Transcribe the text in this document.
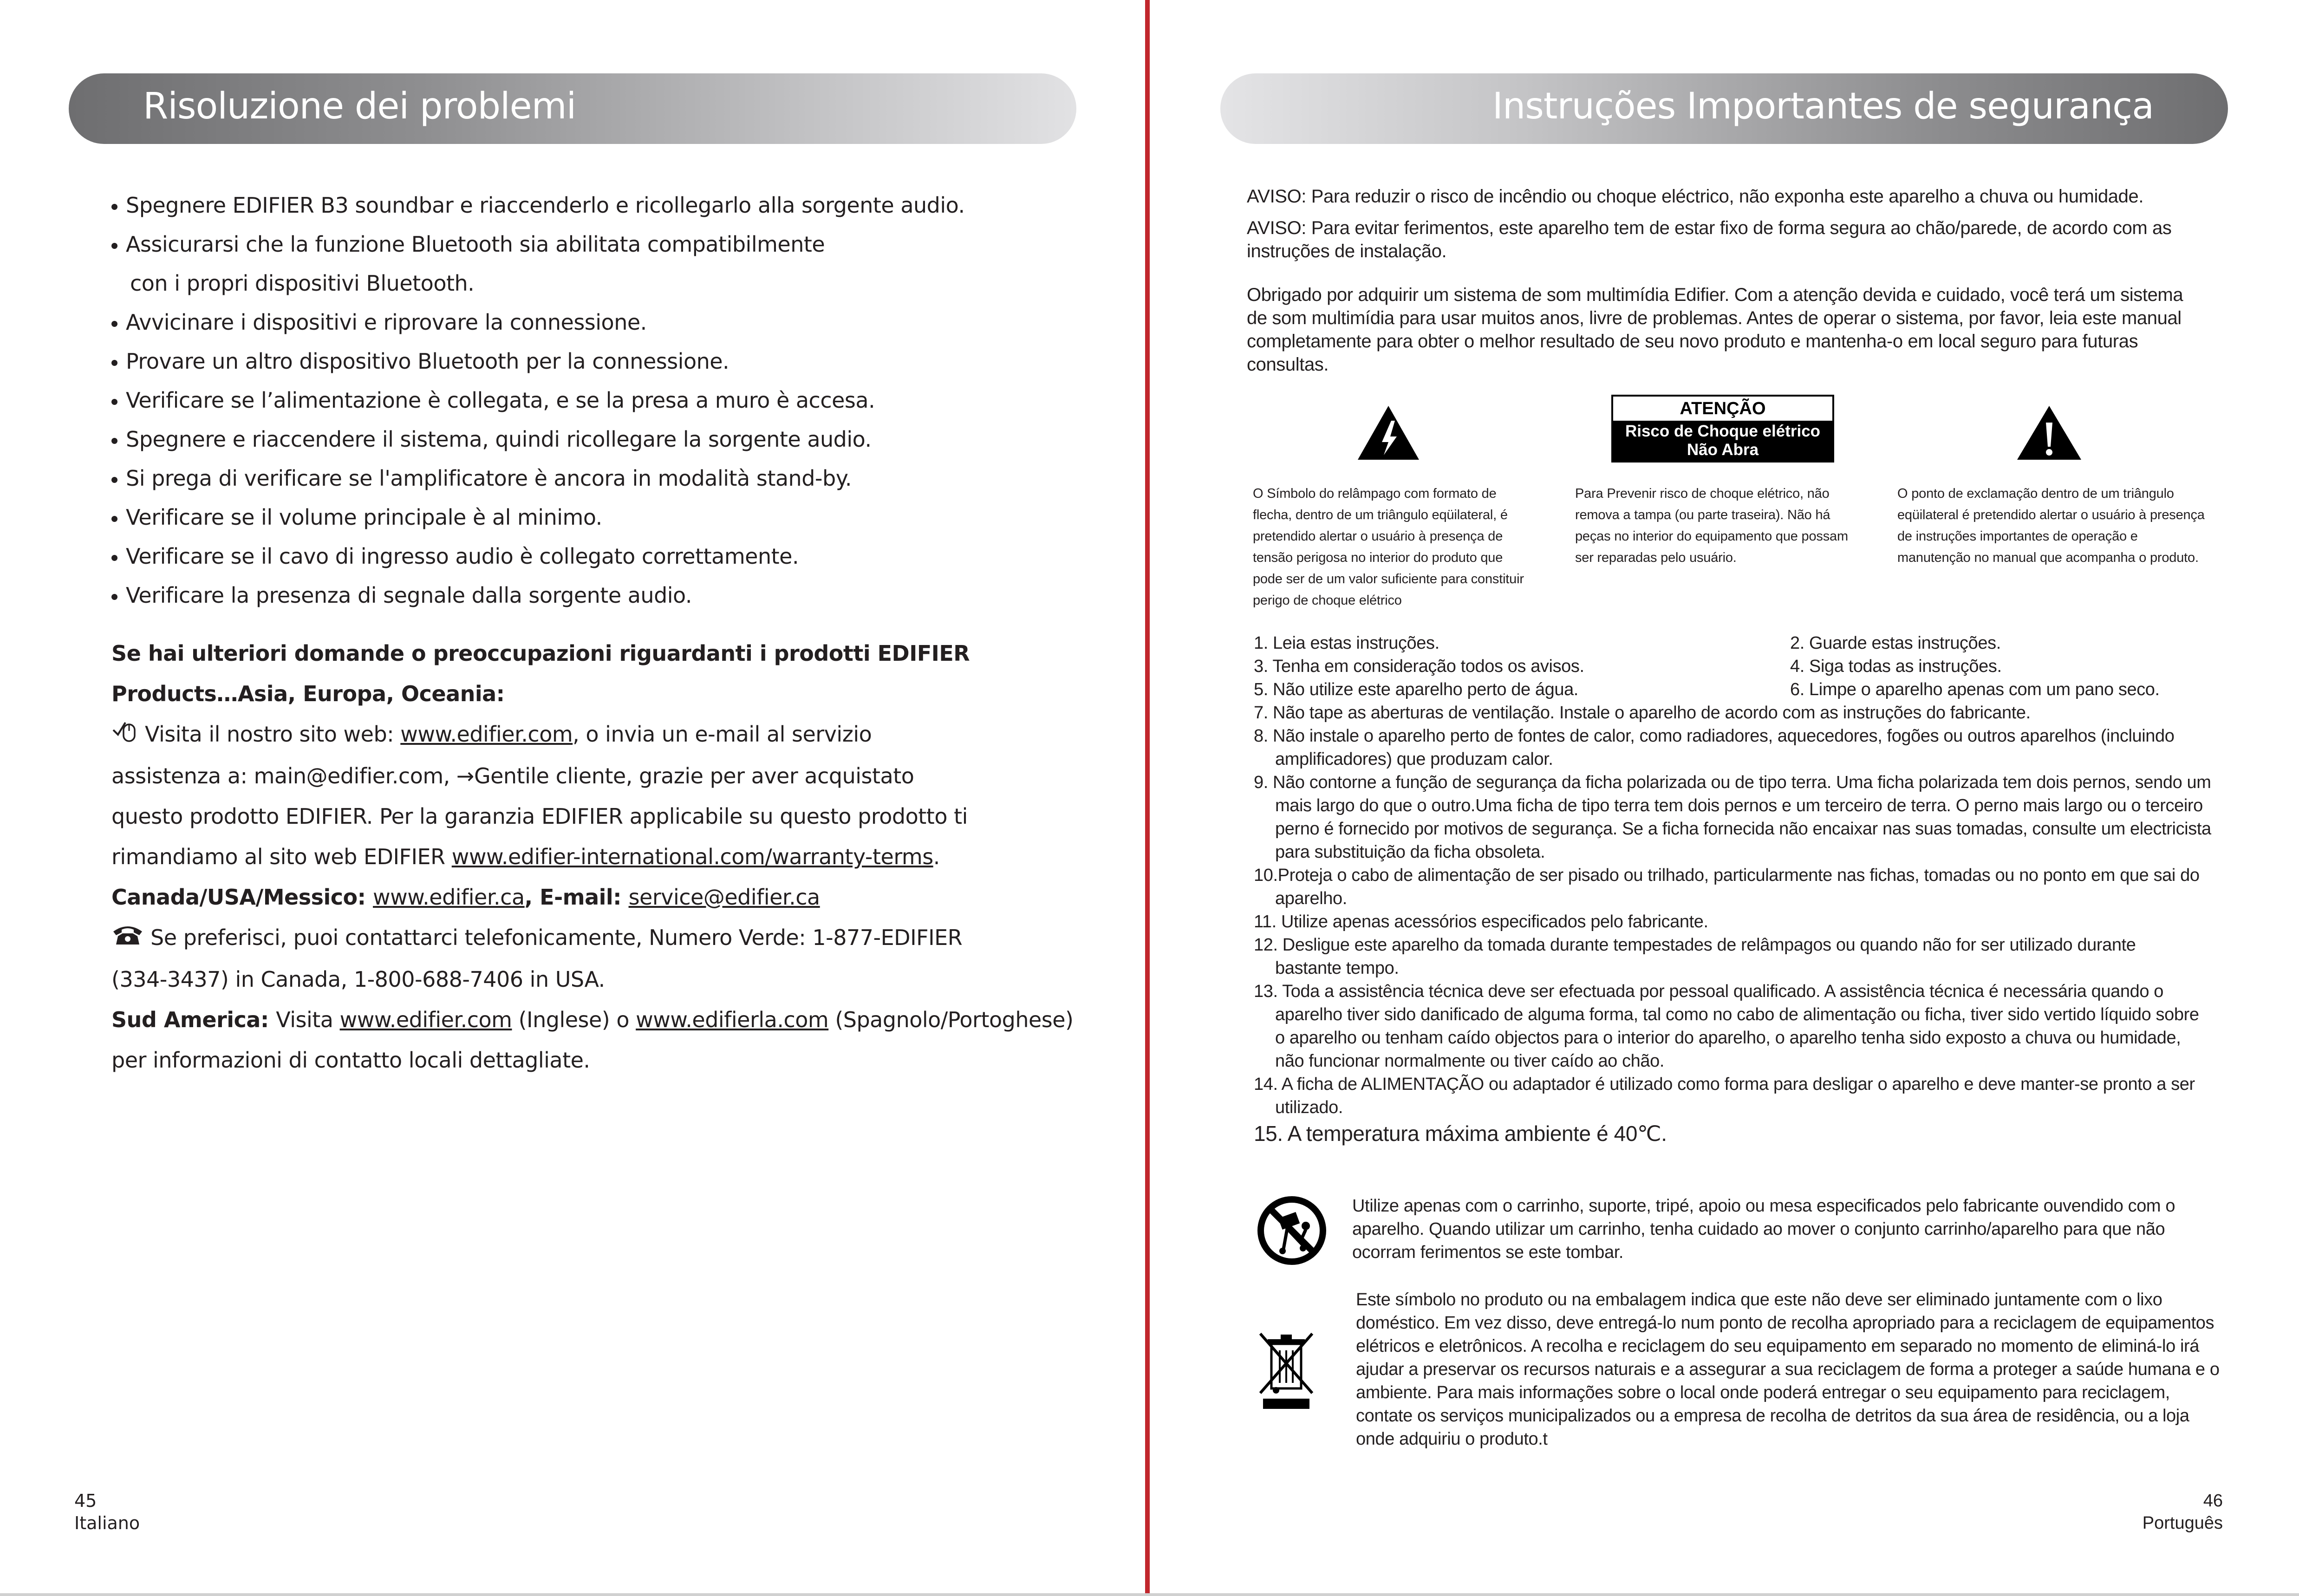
Risoluzione dei problemi
Spegnere EDIFIER B3 soundbar e riaccenderlo e ricollegarlo alla sorgente audio.
Assicurarsi che la funzione Bluetooth sia abilitata compatibilmente
con i propri dispositivi Bluetooth.
Avvicinare i dispositivi e riprovare la connessione.
Provare un altro dispositivo Bluetooth per la connessione.
Verificare se l’alimentazione è collegata, e se la presa a muro è accesa.
Spegnere e riaccendere il sistema, quindi ricollegare la sorgente audio.
Si prega di verificare se l'amplificatore è ancora in modalità stand-by.
Verificare se il volume principale è al minimo.
Verificare se il cavo di ingresso audio è collegato correttamente.
Verificare la presenza di segnale dalla sorgente audio.
Se hai ulteriori domande o preoccupazioni riguardanti i prodotti EDIFIER
Products…Asia, Europa, Oceania:
Visita il nostro sito web: www.edifier.com, o invia un e-mail al servizio
assistenza a: main@edifier.com, →Gentile cliente, grazie per aver acquistato
questo prodotto EDIFIER. Per la garanzia EDIFIER applicabile su questo prodotto ti
rimandiamo al sito web EDIFIER www.edifier-international.com/warranty-terms.
Canada/USA/Messico: www.edifier.ca, E-mail: service@edifier.ca
Se preferisci, puoi contattarci telefonicamente, Numero Verde: 1-877-EDIFIER
(334-3437) in Canada, 1-800-688-7406 in USA.
Sud America: Visita www.edifier.com (Inglese) o www.edifierla.com (Spagnolo/Portoghese)
per informazioni di contatto locali dettagliate.
45
Italiano
Instruções Importantes de segurança
AVISO: Para reduzir o risco de incêndio ou choque eléctrico, não exponha este aparelho a chuva ou humidade.
AVISO: Para evitar ferimentos, este aparelho tem de estar fixo de forma segura ao chão/parede, de acordo com as instruções de instalação.
Obrigado por adquirir um sistema de som multimídia Edifier. Com a atenção devida e cuidado, você terá um sistema de som multimídia para usar muitos anos, livre de problemas. Antes de operar o sistema, por favor, leia este manual completamente para obter o melhor resultado de seu novo produto e mantenha-o em local seguro para futuras consultas.
ATENÇÃO
Risco de Choque elétrico
Não Abra
O Símbolo do relâmpago com formato de flecha, dentro de um triângulo eqüilateral, é pretendido alertar o usuário à presença de tensão perigosa no interior do produto que pode ser de um valor suficiente para constituir perigo de choque elétrico
Para Prevenir risco de choque elétrico, não remova a tampa (ou parte traseira). Não há peças no interior do equipamento que possam ser reparadas pelo usuário.
O ponto de exclamação dentro de um triângulo eqüilateral é pretendido alertar o usuário à presença de instruções importantes de operação e manutenção no manual que acompanha o produto.
1. Leia estas instruções.	2. Guarde estas instruções.
3. Tenha em consideração todos os avisos.	4. Siga todas as instruções.
5. Não utilize este aparelho perto de água.	6. Limpe o aparelho apenas com um pano seco.
7. Não tape as aberturas de ventilação. Instale o aparelho de acordo com as instruções do fabricante.
8. Não instale o aparelho perto de fontes de calor, como radiadores, aquecedores, fogões ou outros aparelhos (incluindo
amplificadores) que produzam calor.
9. Não contorne a função de segurança da ficha polarizada ou de tipo terra. Uma ficha polarizada tem dois pernos, sendo um
mais largo do que o outro.Uma ficha de tipo terra tem dois pernos e um terceiro de terra. O perno mais largo ou o terceiro
perno é fornecido por motivos de segurança. Se a ficha fornecida não encaixar nas suas tomadas, consulte um electricista
para substituição da ficha obsoleta.
10.Proteja o cabo de alimentação de ser pisado ou trilhado, particularmente nas fichas, tomadas ou no ponto em que sai do
aparelho.
11. Utilize apenas acessórios especificados pelo fabricante.
12. Desligue este aparelho da tomada durante tempestades de relâmpagos ou quando não for ser utilizado durante
bastante tempo.
13. Toda a assistência técnica deve ser efectuada por pessoal qualificado. A assistência técnica é necessária quando o
aparelho tiver sido danificado de alguma forma, tal como no cabo de alimentação ou ficha, tiver sido vertido líquido sobre
o aparelho ou tenham caído objectos para o interior do aparelho, o aparelho tenha sido exposto a chuva ou humidade,
não funcionar normalmente ou tiver caído ao chão.
14. A ficha de ALIMENTAÇÃO ou adaptador é utilizado como forma para desligar o aparelho e deve manter-se pronto a ser
utilizado.
15. A temperatura máxima ambiente é 40℃.
Utilize apenas com o carrinho, suporte, tripé, apoio ou mesa especificados pelo fabricante ouvendido com o aparelho. Quando utilizar um carrinho, tenha cuidado ao mover o conjunto carrinho/aparelho para que não ocorram ferimentos se este tombar.
Este símbolo no produto ou na embalagem indica que este não deve ser eliminado juntamente com o lixo doméstico. Em vez disso, deve entregá-lo num ponto de recolha apropriado para a reciclagem de equipamentos elétricos e eletrônicos. A recolha e reciclagem do seu equipamento em separado no momento de eliminá-lo irá ajudar a preservar os recursos naturais e a assegurar a sua reciclagem de forma a proteger a saúde humana e o ambiente. Para mais informações sobre o local onde poderá entregar o seu equipamento para reciclagem, contate os serviços municipalizados ou a empresa de recolha de detritos da sua área de residência, ou a loja onde adquiriu o produto.t
46
Português
